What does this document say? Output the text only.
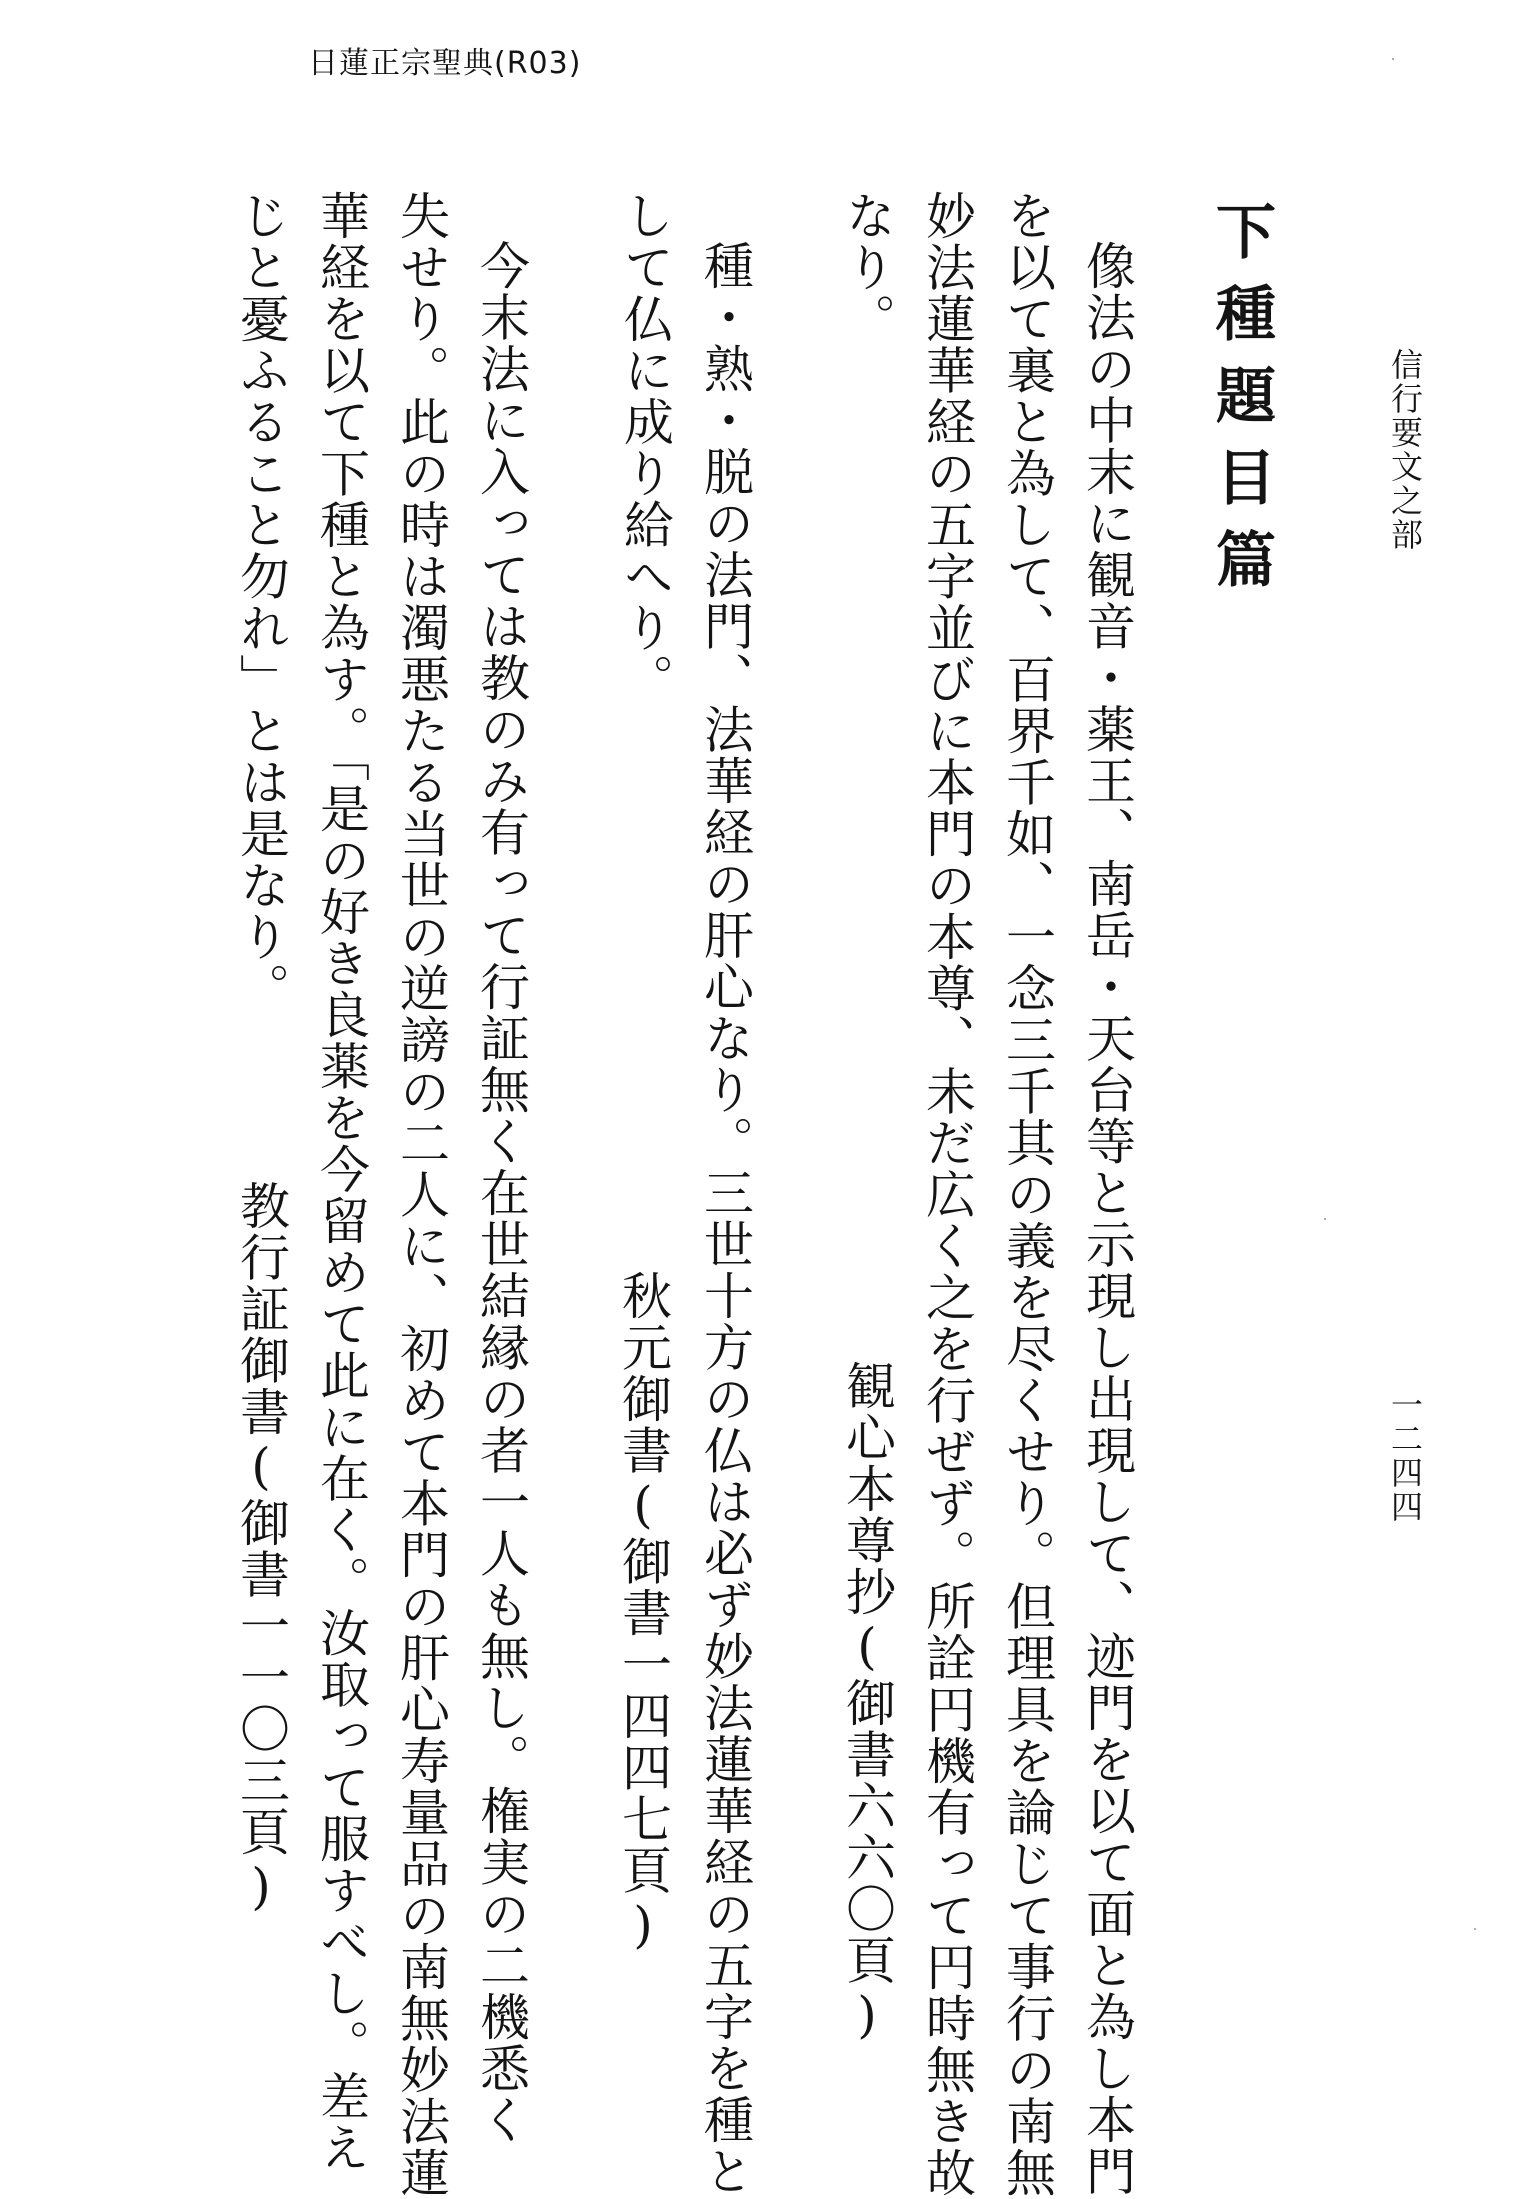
日蓮正宗聖典(R03)
信行要文之部
一二四四
下種題目篇
像法の中末に観音・薬王、南岳・天台等と示現し出現して、迹門を以て面と為し本門
を以て裏と為して、百界千如、一念三千其の義を尽くせり。但理具を論じて事行の南無
妙法蓮華経の五字並びに本門の本尊、未だ広く之を行ぜず。所詮円機有って円時無き故
なり。
観心本尊抄(御書六六〇頁)
種・熟・脱の法門、法華経の肝心なり。三世十方の仏は必ず妙法蓮華経の五字を種と
して仏に成り給へり。
秋元御書(御書一四四七頁)
今末法に入っては教のみ有って行証無く在世結縁の者一人も無し。権実の二機悉く
失せり。此の時は濁悪たる当世の逆謗の二人に、初めて本門の肝心寿量品の南無妙法蓮
華経を以て下種と為す。「是の好き良薬を今留めて此に在く。汝取って服すべし。差え
じと憂ふること勿れ」とは是なり。
教行証御書(御書一一〇三頁)
